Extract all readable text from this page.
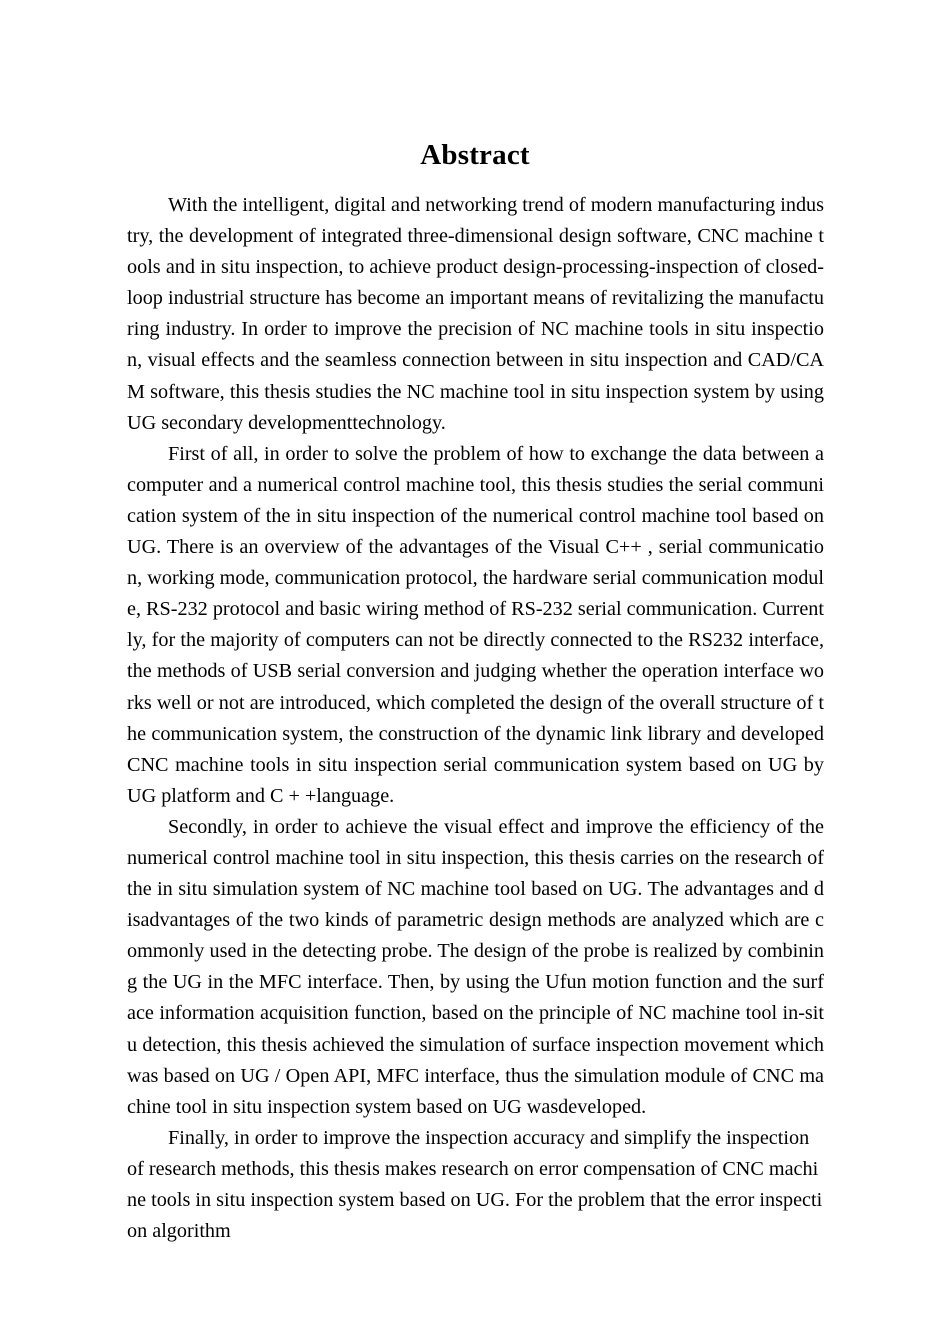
Abstract

With the intelligent, digital and networking trend of modern manufacturing industry, the development of integrated three-dimensional design software, CNC machine tools and in situ inspection, to achieve product design-processing-inspection of closed-loop industrial structure has become an important means of revitalizing the manufacturing industry. In order to improve the precision of NC machine tools in situ inspection, visual effects and the seamless connection between in situ inspection and CAD/CAM software, this thesis studies the NC machine tool in situ inspection system by using UG secondary developmenttechnology.

First of all, in order to solve the problem of how to exchange the data between a computer and a numerical control machine tool, this thesis studies the serial communication system of the in situ inspection of the numerical control machine tool based on UG. There is an overview of the advantages of the Visual C++ , serial communication, working mode, communication protocol, the hardware serial communication module, RS-232 protocol and basic wiring method of RS-232 serial communication. Currently, for the majority of computers can not be directly connected to the RS232 interface, the methods of USB serial conversion and judging whether the operation interface works well or not are introduced, which completed the design of the overall structure of the communication system, the construction of the dynamic link library and developed CNC machine tools in situ inspection serial communication system based on UG by UG platform and C + +language.

Secondly, in order to achieve the visual effect and improve the efficiency of the numerical control machine tool in situ inspection, this thesis carries on the research of the in situ simulation system of NC machine tool based on UG. The advantages and disadvantages of the two kinds of parametric design methods are analyzed which are commonly used in the detecting probe. The design of the probe is realized by combining the UG in the MFC interface. Then, by using the Ufun motion function and the surface information acquisition function, based on the principle of NC machine tool in-situ detection, this thesis achieved the simulation of surface inspection movement which was based on UG / Open API, MFC interface, thus the simulation module of CNC machine tool in situ inspection system based on UG wasdeveloped.

Finally, in order to improve the inspection accuracy and simplify the inspection of research methods, this thesis makes research on error compensation of CNC machine tools in situ inspection system based on UG. For the problem that the error inspection algorithm
